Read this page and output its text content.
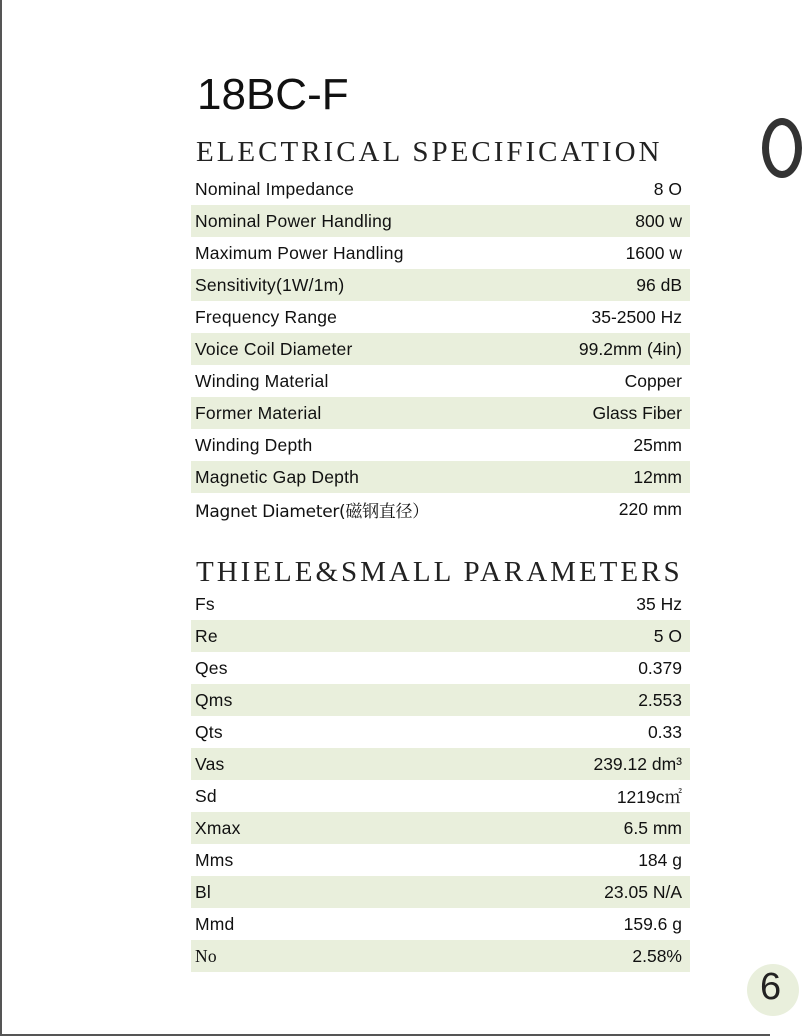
18BC-F
ELECTRICAL SPECIFICATION
Nominal Impedance	8 O
Nominal Power Handling	800 w
Maximum Power Handling	1600 w
Sensitivity(1W/1m)	96 dB
Frequency Range	35-2500 Hz
Voice Coil Diameter	99.2mm (4in)
Winding Material	Copper
Former Material	Glass Fiber
Winding Depth	25mm
Magnetic Gap Depth	12mm
Magnet Diameter(磁钢直径）	220 mm
THIELE&SMALL PARAMETERS
Fs	35 Hz
Re	5 O
Qes	0.379
Qms	2.553
Qts	0.33
Vas	239.12 dm³
Sd	1219c㎡
Xmax	6.5 mm
Mms	184 g
Bl	23.05 N/A
Mmd	159.6 g
No	2.58%
6
